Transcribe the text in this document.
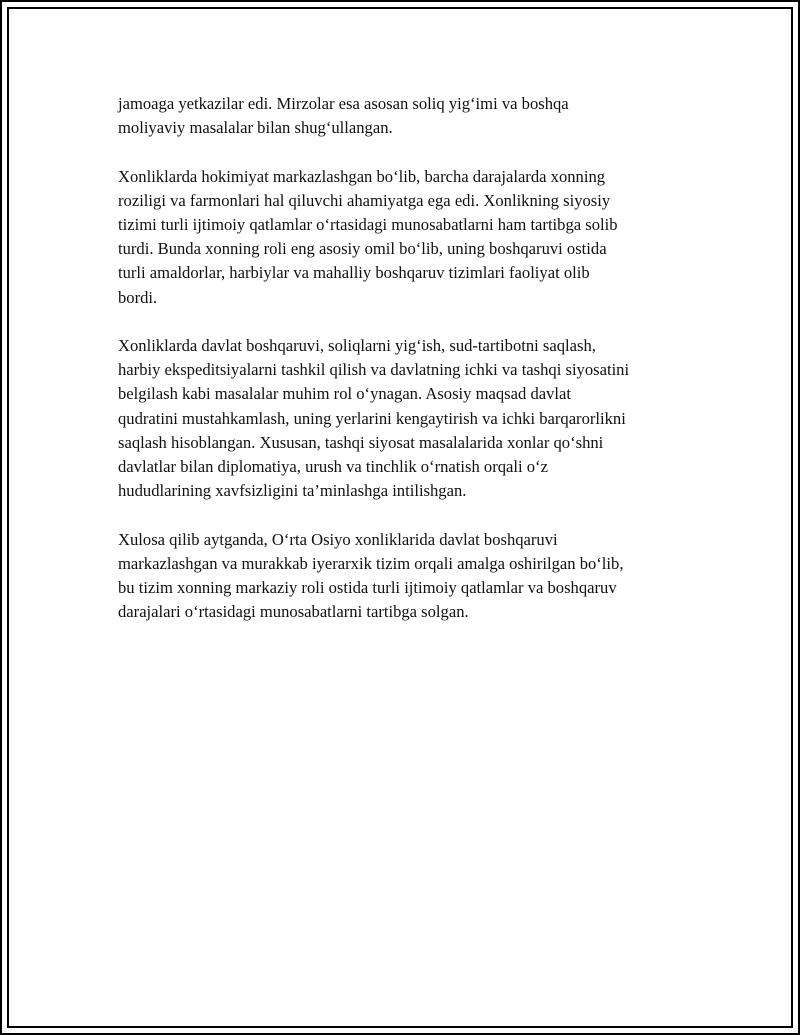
jamoaga yetkazilar edi. Mirzolar esa asosan soliq yig‘imi va boshqa
moliyaviy masalalar bilan shug‘ullangan.

Xonliklarda hokimiyat markazlashgan bo‘lib, barcha darajalarda xonning
roziligi va farmonlari hal qiluvchi ahamiyatga ega edi. Xonlikning siyosiy
tizimi turli ijtimoiy qatlamlar o‘rtasidagi munosabatlarni ham tartibga solib
turdi. Bunda xonning roli eng asosiy omil bo‘lib, uning boshqaruvi ostida
turli amaldorlar, harbiylar va mahalliy boshqaruv tizimlari faoliyat olib
bordi.

Xonliklarda davlat boshqaruvi, soliqlarni yig‘ish, sud-tartibotni saqlash,
harbiy ekspeditsiyalarni tashkil qilish va davlatning ichki va tashqi siyosatini
belgilash kabi masalalar muhim rol o‘ynagan. Asosiy maqsad davlat
qudratini mustahkamlash, uning yerlarini kengaytirish va ichki barqarorlikni
saqlash hisoblangan. Xususan, tashqi siyosat masalalarida xonlar qo‘shni
davlatlar bilan diplomatiya, urush va tinchlik o‘rnatish orqali o‘z
hududlarining xavfsizligini ta’minlashga intilishgan.

Xulosa qilib aytganda, O‘rta Osiyo xonliklarida davlat boshqaruvi
markazlashgan va murakkab iyerarxik tizim orqali amalga oshirilgan bo‘lib,
bu tizim xonning markaziy roli ostida turli ijtimoiy qatlamlar va boshqaruv
darajalari o‘rtasidagi munosabatlarni tartibga solgan.
